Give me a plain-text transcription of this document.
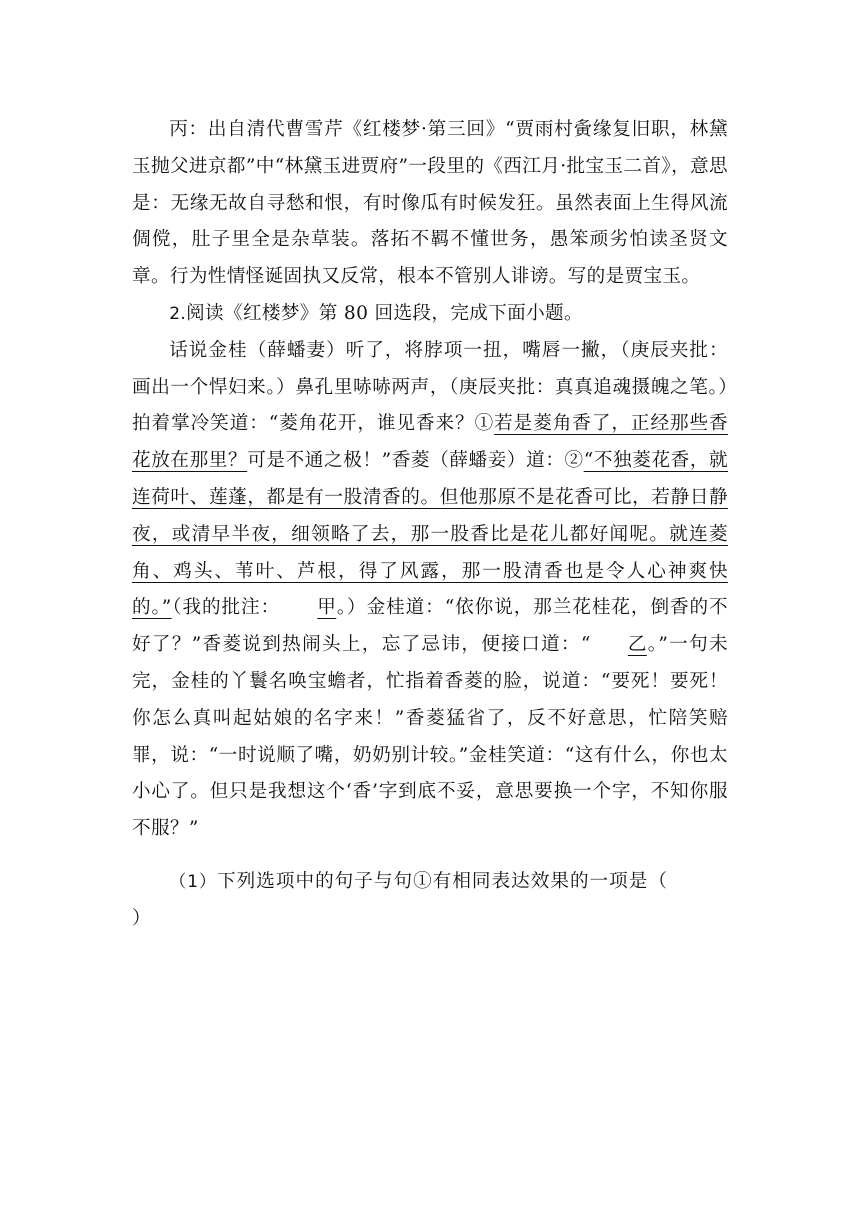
丙：出自清代曹雪芹《红楼梦·第三回》“贾雨村夤缘复旧职，林黛玉抛父进京都”中“林黛玉进贾府”一段里的《西江月·批宝玉二首》，意思是：无缘无故自寻愁和恨，有时像瓜有时候发狂。虽然表面上生得风流倜傥，肚子里全是杂草装。落拓不羁不懂世务，愚笨顽劣怕读圣贤文章。行为性情怪诞固执又反常，根本不管别人诽谤。写的是贾宝玉。

2.阅读《红楼梦》第 80 回选段，完成下面小题。

话说金桂（薛蟠妻）听了，将脖项一扭，嘴唇一撇，（庚辰夹批：画出一个悍妇来。）鼻孔里哧哧两声，（庚辰夹批：真真追魂摄魄之笔。）拍着掌冷笑道：“菱角花开，谁见香来？①若是菱角香了，正经那些香花放在那里？可是不通之极！”香菱（薛蟠妾）道：②“不独菱花香，就连荷叶、莲蓬，都是有一股清香的。但他那原不是花香可比，若静日静夜，或清早半夜，细领略了去，那一股香比是花儿都好闻呢。就连菱角、鸡头、苇叶、芦根，得了风露，那一股清香也是令人心神爽快的。”（我的批注： 甲。）金桂道：“依你说，那兰花桂花，倒香的不好了？”香菱说到热闹头上，忘了忌讳，便接口道：“ 乙。”一句未完，金桂的丫鬟名唤宝蟾者，忙指着香菱的脸，说道：“要死！要死！你怎么真叫起姑娘的名字来！”香菱猛省了，反不好意思，忙陪笑赔罪，说：“一时说顺了嘴，奶奶别计较。”金桂笑道：“这有什么，你也太小心了。但只是我想这个‘香’字到底不妥，意思要换一个字，不知你服不服？”

（1）下列选项中的句子与句①有相同表达效果的一项是（）
